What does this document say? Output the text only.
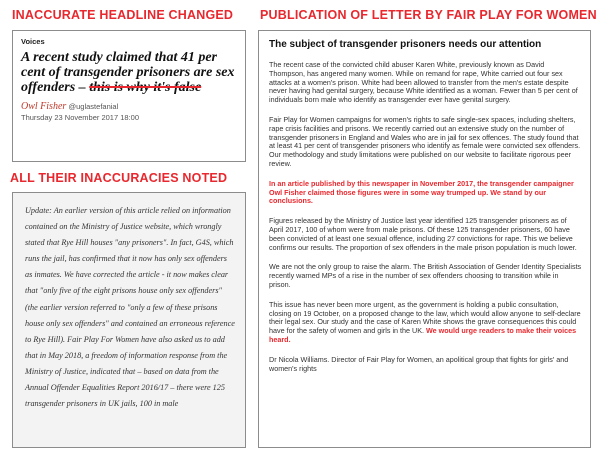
INACCURATE HEADLINE CHANGED
ALL THEIR INACCURACIES NOTED
PUBLICATION OF LETTER BY FAIR PLAY FOR WOMEN
Voices
A recent study claimed that 41 per cent of transgender prisoners are sex offenders – this is why it's false
Owl Fisher @uglastefanial
Thursday 23 November 2017 18:00

Update: An earlier version of this article relied on information contained on the Ministry of Justice website, which wrongly stated that Rye Hill houses "any prisoners". In fact, G4S, which runs the jail, has confirmed that it now has only sex offenders as inmates. We have corrected the article - it now makes clear that "only five of the eight prisons house only sex offenders" (the earlier version referred to "only a few of these prisons house only sex offenders" and contained an erroneous reference to Rye Hill). Fair Play For Women have also asked us to add that in May 2018, a freedom of information response from the Ministry of Justice, indicated that – based on data from the Annual Offender Equalities Report 2016/17 – there were 125 transgender prisoners in UK jails, 100 in male

The subject of transgender prisoners needs our attention

The recent case of the convicted child abuser Karen White, previously known as David Thompson, has angered many women. While on remand for rape, White carried out four sex attacks at a women's prison. White had been allowed to transfer from the men's estate despite never having had genital surgery, because White identified as a woman. Fewer than 5 per cent of individuals born male who identify as transgender ever have genital surgery.

Fair Play for Women campaigns for women's rights to safe single-sex spaces, including shelters, rape crisis facilities and prisons. We recently carried out an extensive study on the number of transgender prisoners in England and Wales who are in jail for sex offences. The study found that at least 41 per cent of transgender prisoners who identify as female were convicted sex offenders. Our methodology and study limitations were published on our website to facilitate rigorous peer review.

In an article published by this newspaper in November 2017, the transgender campaigner Owl Fisher claimed those figures were in some way trumped up. We stand by our conclusions.

Figures released by the Ministry of Justice last year identified 125 transgender prisoners as of April 2017, 100 of whom were from male prisons. Of these 125 transgender prisoners, 60 have been convicted of at least one sexual offence, including 27 convictions for rape. This we believe confirms our results. The proportion of sex offenders in the male prison population is much lower.

We are not the only group to raise the alarm. The British Association of Gender Identity Specialists recently warned MPs of a rise in the number of sex offenders choosing to transition while in prison.

This issue has never been more urgent, as the government is holding a public consultation, closing on 19 October, on a proposed change to the law, which would allow anyone to self-declare their legal sex. Our study and the case of Karen White shows the grave consequences this could have for the safety of women and girls in the UK. We would urge readers to make their voices heard.

Dr Nicola Williams. Director of Fair Play for Women, an apolitical group that fights for girls' and women's rights
